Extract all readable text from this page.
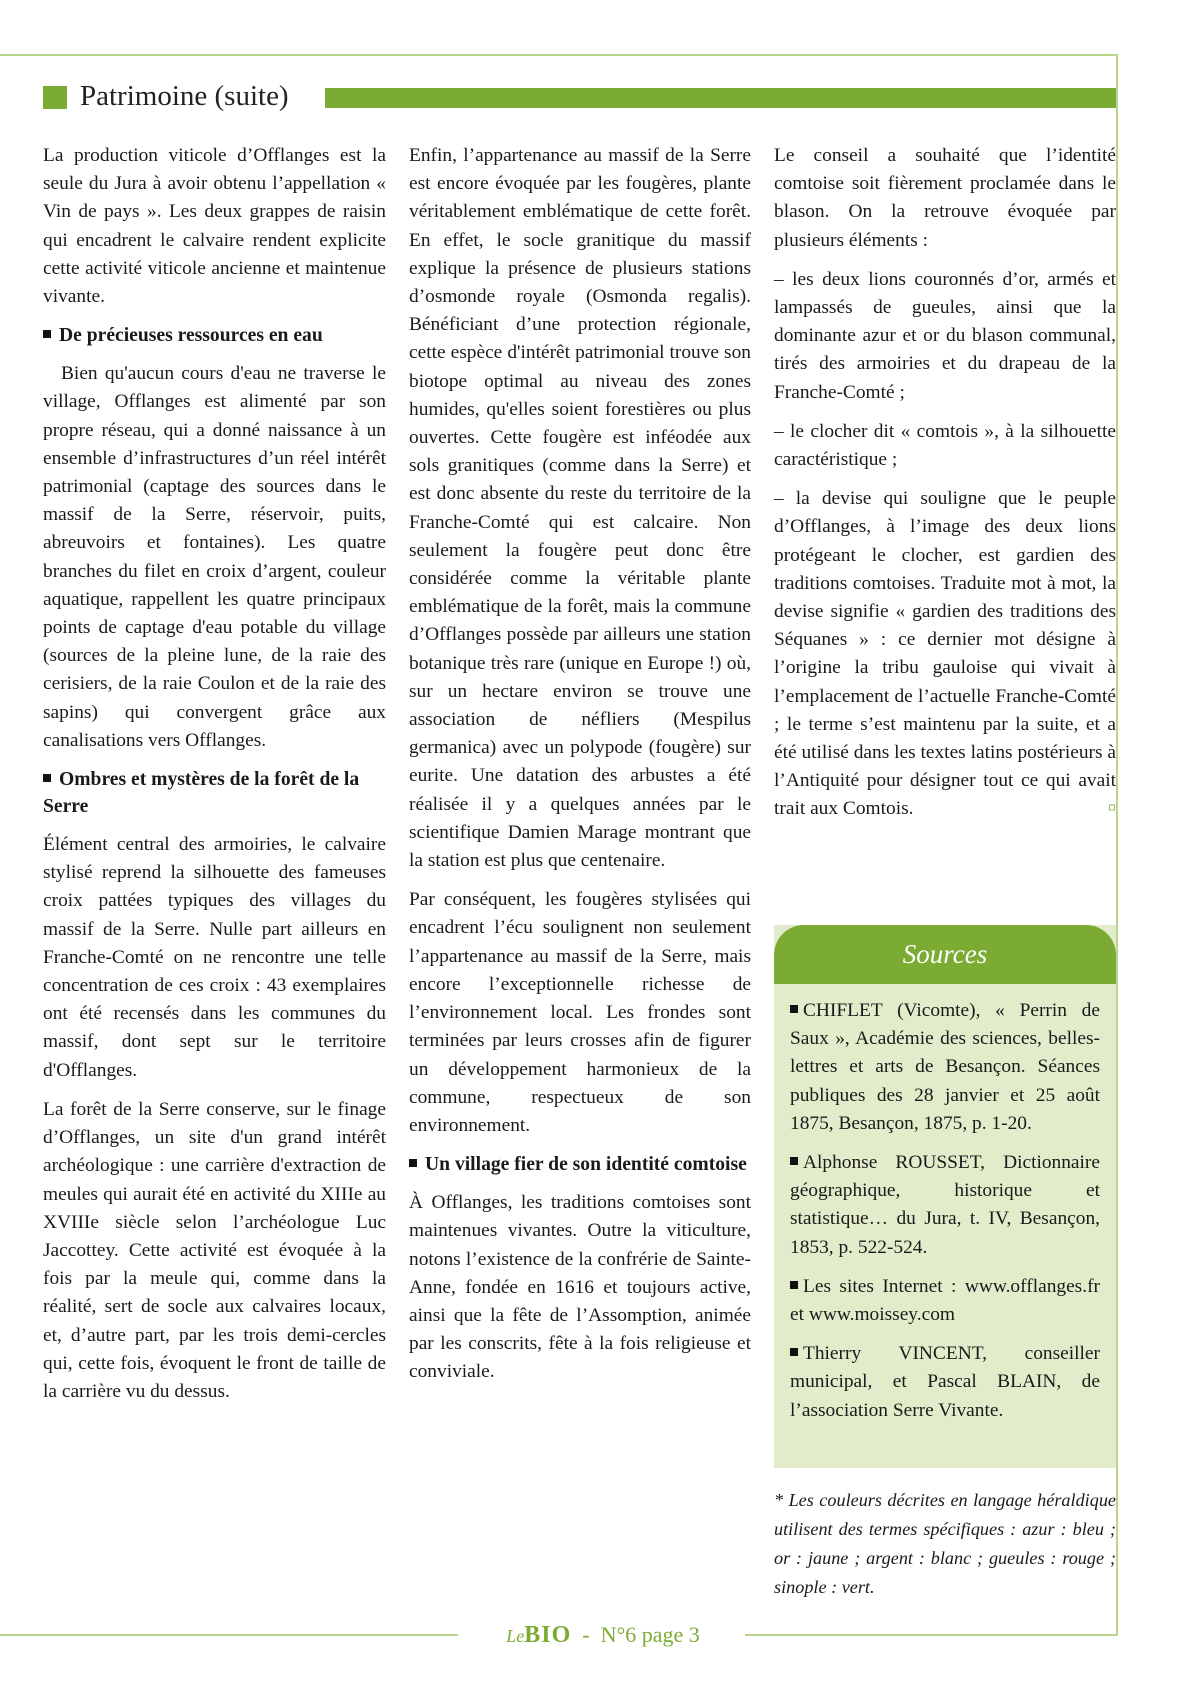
Patrimoine (suite)

La production viticole d’Offlanges est la seule du Jura à avoir obtenu l’appellation « Vin de pays ». Les deux grappes de raisin qui encadrent le calvaire rendent explicite cette activité viticole ancienne et maintenue vivante.

De précieuses ressources en eau

Bien qu'aucun cours d'eau ne traverse le village, Offlanges est alimenté par son propre réseau, qui a donné naissance à un ensemble d’infrastructures d’un réel intérêt patrimonial (captage des sources dans le massif de la Serre, réservoir, puits, abreuvoirs et fontaines). Les quatre branches du filet en croix d’argent, couleur aquatique, rappellent les quatre principaux points de captage d'eau potable du village (sources de la pleine lune, de la raie des cerisiers, de la raie Coulon et de la raie des sapins) qui convergent grâce aux canalisations vers Offlanges.

Ombres et mystères de la forêt de la Serre

Élément central des armoiries, le calvaire stylisé reprend la silhouette des fameuses croix pattées typiques des villages du massif de la Serre. Nulle part ailleurs en Franche-Comté on ne rencontre une telle concentration de ces croix : 43 exemplaires ont été recensés dans les communes du massif, dont sept sur le territoire d'Offlanges.

La forêt de la Serre conserve, sur le finage d’Offlanges, un site d'un grand intérêt archéologique : une carrière d'extraction de meules qui aurait été en activité du XIIIe au XVIIIe siècle selon l’archéologue Luc Jaccottey. Cette activité est évoquée à la fois par la meule qui, comme dans la réalité, sert de socle aux calvaires locaux, et, d’autre part, par les trois demi-cercles qui, cette fois, évoquent le front de taille de la carrière vu du dessus.

Enfin, l’appartenance au massif de la Serre est encore évoquée par les fougères, plante véritablement emblématique de cette forêt. En effet, le socle granitique du massif explique la présence de plusieurs stations d’osmonde royale (Osmonda regalis). Bénéficiant d’une protection régionale, cette espèce d'intérêt patrimonial trouve son biotope optimal au niveau des zones humides, qu'elles soient forestières ou plus ouvertes. Cette fougère est inféodée aux sols granitiques (comme dans la Serre) et est donc absente du reste du territoire de la Franche-Comté qui est calcaire. Non seulement la fougère peut donc être considérée comme la véritable plante emblématique de la forêt, mais la commune d’Offlanges possède par ailleurs une station botanique très rare (unique en Europe !) où, sur un hectare environ se trouve une association de néfliers (Mespilus germanica) avec un polypode (fougère) sur eurite. Une datation des arbustes a été réalisée il y a quelques années par le scientifique Damien Marage montrant que la station est plus que centenaire.

Par conséquent, les fougères stylisées qui encadrent l’écu soulignent non seulement l’appartenance au massif de la Serre, mais encore l’exceptionnelle richesse de l’environnement local. Les frondes sont terminées par leurs crosses afin de figurer un développement harmonieux de la commune, respectueux de son environnement.

Un village fier de son identité comtoise

À Offlanges, les traditions comtoises sont maintenues vivantes. Outre la viticulture, notons l’existence de la confrérie de Sainte-Anne, fondée en 1616 et toujours active, ainsi que la fête de l’Assomption, animée par les conscrits, fête à la fois religieuse et conviviale.

Le conseil a souhaité que l’identité comtoise soit fièrement proclamée dans le blason. On la retrouve évoquée par plusieurs éléments :

– les deux lions couronnés d’or, armés et lampassés de gueules, ainsi que la dominante azur et or du blason communal, tirés des armoiries et du drapeau de la Franche-Comté ;

– le clocher dit « comtois », à la silhouette caractéristique ;

– la devise qui souligne que le peuple d’Offlanges, à l’image des deux lions protégeant le clocher, est gardien des traditions comtoises. Traduite mot à mot, la devise signifie « gardien des traditions des Séquanes » : ce dernier mot désigne à l’origine la tribu gauloise qui vivait à l’emplacement de l’actuelle Franche-Comté ; le terme s’est maintenu par la suite, et a été utilisé dans les textes latins postérieurs à l’Antiquité pour désigner tout ce qui avait trait aux Comtois.	¤

Sources

CHIFLET (Vicomte), « Perrin de Saux », Académie des sciences, belles-lettres et arts de Besançon. Séances publiques des 28 janvier et 25 août 1875, Besançon, 1875, p. 1-20.

Alphonse ROUSSET, Dictionnaire géographique, historique et statistique… du Jura, t. IV, Besançon, 1853, p. 522-524.

Les sites Internet : www.offlanges.fr et www.moissey.com

Thierry VINCENT, conseiller municipal, et Pascal BLAIN, de l’association Serre Vivante.

* Les couleurs décrites en langage héraldique utilisent des termes spécifiques : azur : bleu ; or : jaune ; argent : blanc ; gueules : rouge ; sinople : vert.
LeBIO - N°6 page 3
